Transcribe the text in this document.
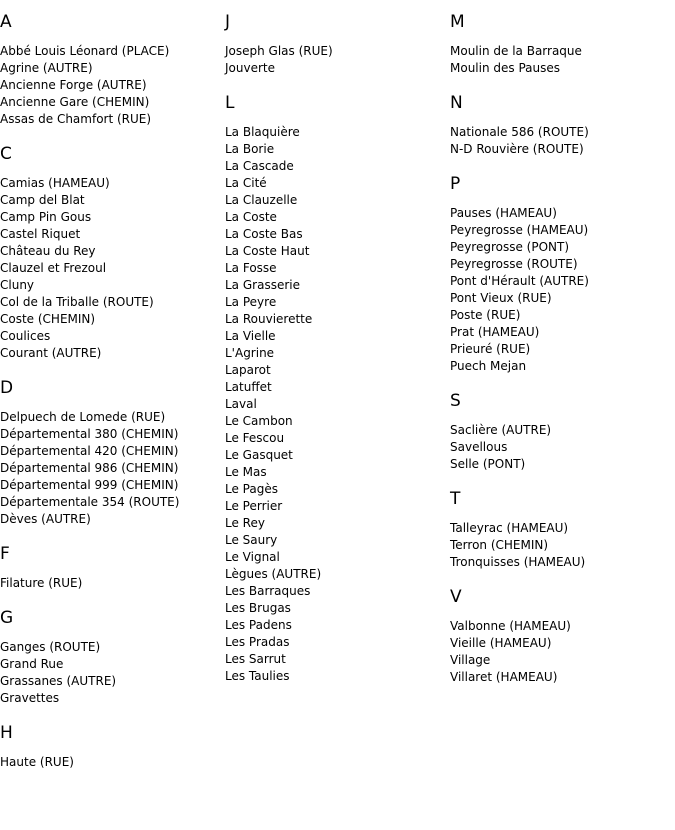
A
Abbé Louis Léonard (PLACE)
Agrine (AUTRE)
Ancienne Forge (AUTRE)
Ancienne Gare (CHEMIN)
Assas de Chamfort (RUE)
C
Camias (HAMEAU)
Camp del Blat
Camp Pin Gous
Castel Riquet
Château du Rey
Clauzel et Frezoul
Cluny
Col de la Triballe (ROUTE)
Coste (CHEMIN)
Coulices
Courant (AUTRE)
D
Delpuech de Lomede (RUE)
Départemental 380 (CHEMIN)
Départemental 420 (CHEMIN)
Départemental 986 (CHEMIN)
Départemental 999 (CHEMIN)
Départementale 354 (ROUTE)
Dèves (AUTRE)
F
Filature (RUE)
G
Ganges (ROUTE)
Grand Rue
Grassanes (AUTRE)
Gravettes
H
Haute (RUE)
J
Joseph Glas (RUE)
Jouverte
L
La Blaquière
La Borie
La Cascade
La Cité
La Clauzelle
La Coste
La Coste Bas
La Coste Haut
La Fosse
La Grasserie
La Peyre
La Rouvierette
La Vielle
L'Agrine
Laparot
Latuffet
Laval
Le Cambon
Le Fescou
Le Gasquet
Le Mas
Le Pagès
Le Perrier
Le Rey
Le Saury
Le Vignal
Lègues (AUTRE)
Les Barraques
Les Brugas
Les Padens
Les Pradas
Les Sarrut
Les Taulies
M
Moulin de la Barraque
Moulin des Pauses
N
Nationale 586 (ROUTE)
N-D Rouvière (ROUTE)
P
Pauses (HAMEAU)
Peyregrosse (HAMEAU)
Peyregrosse (PONT)
Peyregrosse (ROUTE)
Pont d'Hérault (AUTRE)
Pont Vieux (RUE)
Poste (RUE)
Prat (HAMEAU)
Prieuré (RUE)
Puech Mejan
S
Saclière (AUTRE)
Savellous
Selle (PONT)
T
Talleyrac (HAMEAU)
Terron (CHEMIN)
Tronquisses (HAMEAU)
V
Valbonne (HAMEAU)
Vieille (HAMEAU)
Village
Villaret (HAMEAU)
